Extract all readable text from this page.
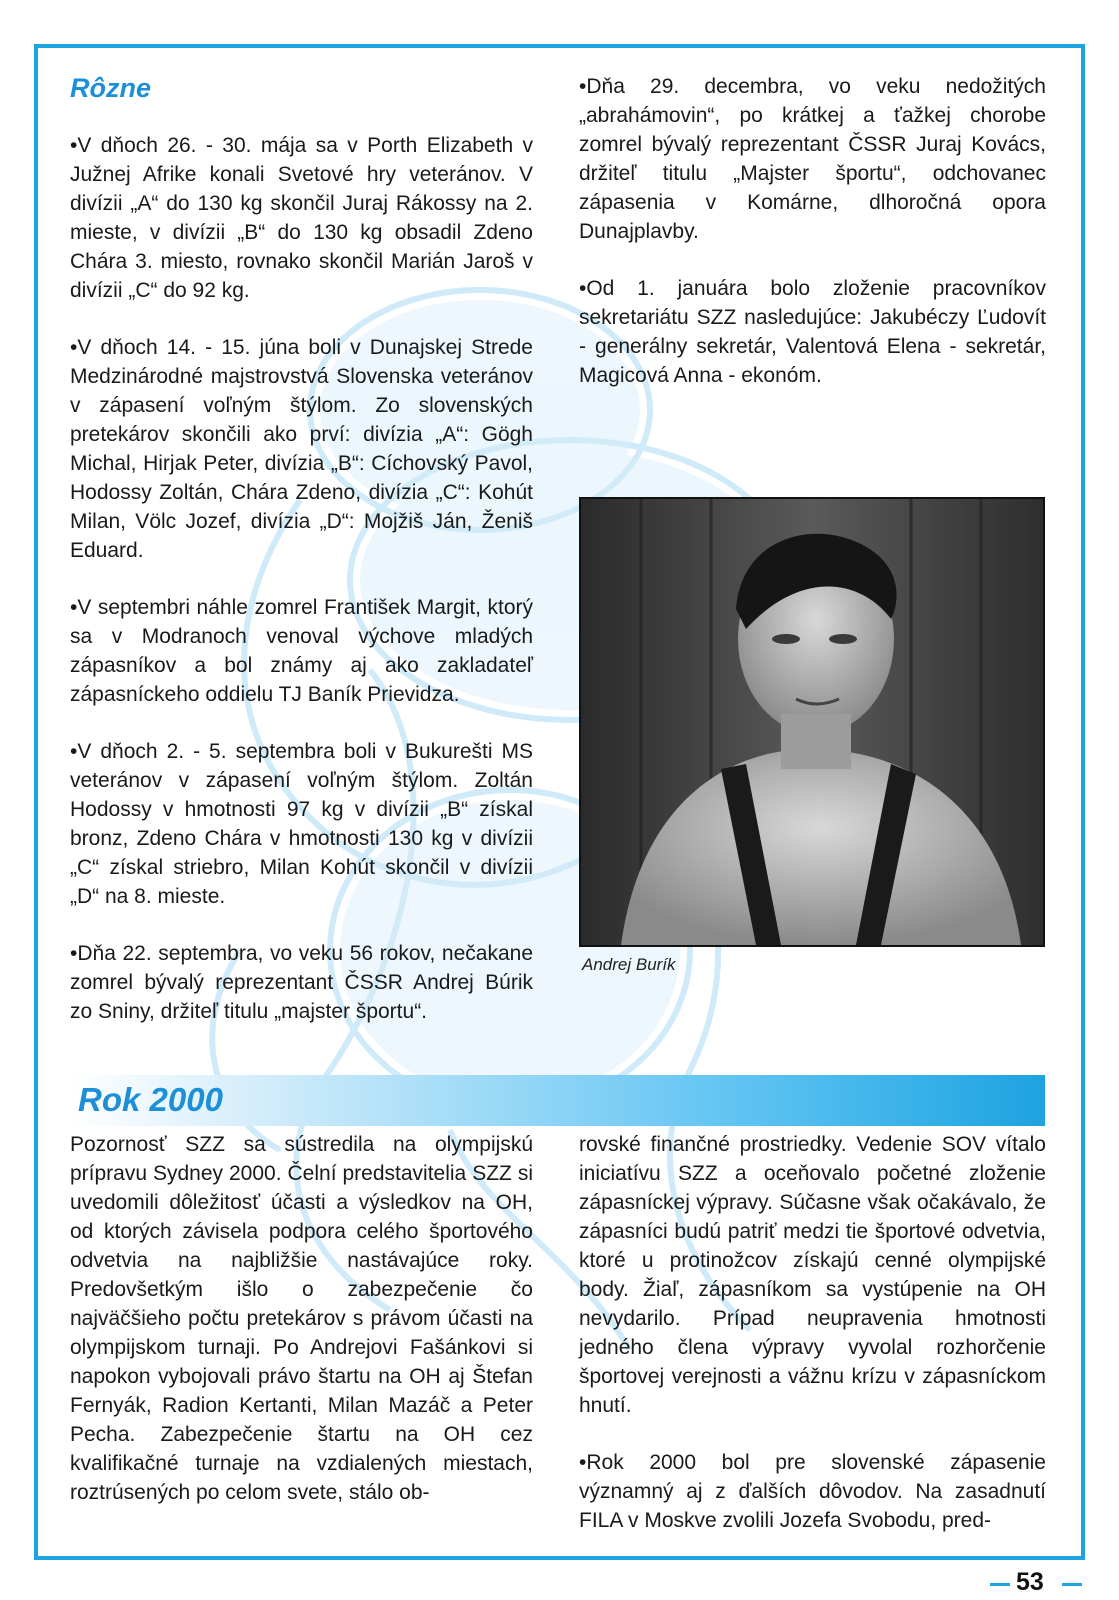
Rôzne

•V dňoch 26. - 30. mája sa v Porth Elizabeth v Južnej Afrike konali Svetové hry veteránov. V divízii „A“ do 130 kg skončil Juraj Rákossy na 2. mieste, v divízii „B“ do 130 kg obsadil Zdeno Chára 3. miesto, rovnako skončil Marián Jaroš v divízii „C“ do 92 kg.

•V dňoch 14. - 15. júna boli v Dunajskej Strede Medzinárodné majstrovstvá Slovenska veteránov v zápasení voľným štýlom. Zo slovenských pretekárov skončili ako prví: divízia „A“: Gögh Michal, Hirjak Peter, divízia „B“: Cíchovský Pavol, Hodossy Zoltán, Chára Zdeno, divízia „C“: Kohút Milan, Völc Jozef, divízia „D“: Mojžiš Ján, Ženiš Eduard.

•V septembri náhle zomrel František Margit, ktorý sa v Modranoch venoval výchove mladých zápasníkov a bol známy aj ako zakladateľ zápasníckeho oddielu TJ Baník Prievidza.

•V dňoch 2. - 5. septembra boli v Bukurešti MS veteránov v zápasení voľným štýlom. Zoltán Hodossy v hmotnosti 97 kg v divízii „B“ získal bronz, Zdeno Chára v hmotnosti 130 kg v divízii „C“ získal striebro, Milan Kohút skončil v divízii „D“ na 8. mieste.

•Dňa 22. septembra, vo veku 56 rokov, nečakane zomrel bývalý reprezentant ČSSR Andrej Búrik zo Sniny, držiteľ titulu „majster športu“.

•Dňa 29. decembra, vo veku nedožitých „abrahámovin“, po krátkej a ťažkej chorobe zomrel bývalý reprezentant ČSSR Juraj Kovács, držiteľ titulu „Majster športu“, odchovanec zápasenia v Komárne, dlhoročná opora Dunajplavby.

•Od 1. januára bolo zloženie pracovníkov sekretariátu SZZ nasledujúce: Jakubéczy Ľudovít - generálny sekretár, Valentová Elena - sekretár, Magicová Anna - ekonóm.

Andrej Burík

Rok 2000

Pozornosť SZZ sa sústredila na olympijskú prípravu Sydney 2000. Čelní predstavitelia SZZ si uvedomili dôležitosť účasti a výsledkov na OH, od ktorých závisela podpora celého športového odvetvia na najbližšie nastávajúce roky. Predovšetkým išlo o zabezpečenie čo najväčšieho počtu pretekárov s právom účasti na olympijskom turnaji. Po Andrejovi Fašánkovi si napokon vybojovali právo štartu na OH aj Štefan Fernyák, Radion Kertanti, Milan Mazáč a Peter Pecha. Zabezpečenie štartu na OH cez kvalifikačné turnaje na vzdialených miestach, roztrúsených po celom svete, stálo ob-

rovské finančné prostriedky. Vedenie SOV vítalo iniciatívu SZZ a oceňovalo početné zloženie zápasníckej výpravy. Súčasne však očakávalo, že zápasníci budú patriť medzi tie športové odvetvia, ktoré u protinožcov získajú cenné olympijské body. Žiaľ, zápasníkom sa vystúpenie na OH nevydarilo. Prípad neupravenia hmotnosti jedného člena výpravy vyvolal rozhorčenie športovej verejnosti a vážnu krízu v zápasníckom hnutí.

•Rok 2000 bol pre slovenské zápasenie významný aj z ďalších dôvodov. Na zasadnutí FILA v Moskve zvolili Jozefa Svobodu, pred-

53
